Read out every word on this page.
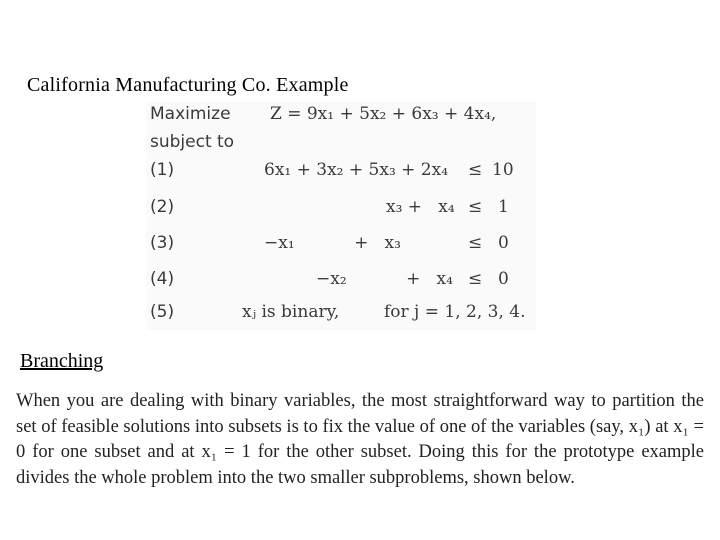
California Manufacturing Co. Example
Maximize Z = 9x₁ + 5x₂ + 6x₃ + 4x₄,
subject to
(1)	6x₁ + 3x₂ + 5x₃ + 2x₄ ≤ 10
(2)	x₃ +   x₄ ≤ 1
(3)	−x₁           +   x₃	≤ 0
(4)	−x₂           +   x₄ ≤ 0
(5)	xⱼ is binary,	for j = 1, 2, 3, 4.
Branching
When you are dealing with binary variables, the most straightforward way to partition the set of feasible solutions into subsets is to fix the value of one of the variables (say, x₁) at x₁ = 0 for one subset and at x₁ = 1 for the other subset. Doing this for the prototype example divides the whole problem into the two smaller subproblems, shown below.
